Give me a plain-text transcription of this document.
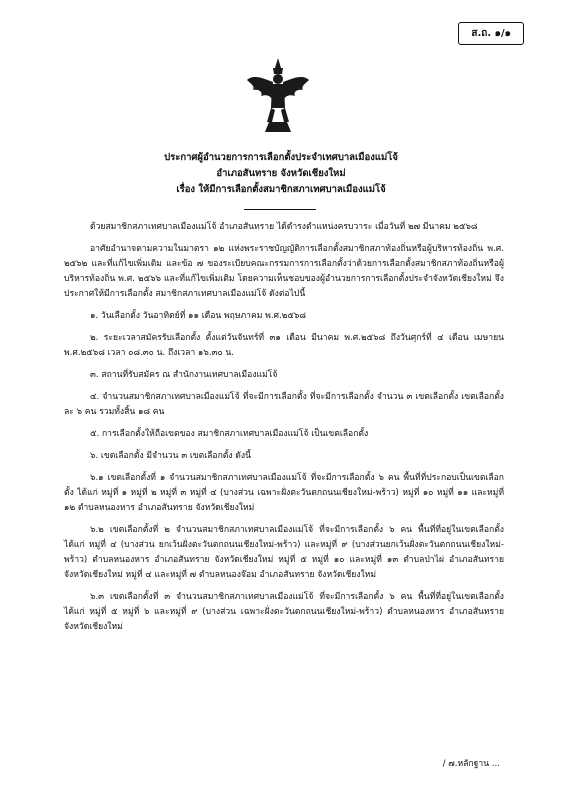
ส.ถ. ๑/๑
ประกาศผู้อำนวยการการเลือกตั้งประจำเทศบาลเมืองแม่โจ้
อำเภอสันทราย จังหวัดเชียงใหม่
เรื่อง ให้มีการเลือกตั้งสมาชิกสภาเทศบาลเมืองแม่โจ้

ด้วยสมาชิกสภาเทศบาลเมืองแม่โจ้ อำเภอสันทราย ได้ดำรงตำแหน่งครบวาระ เมื่อวันที่ ๒๗ มีนาคม ๒๕๖๘

อาศัยอำนาจตามความในมาตรา ๑๒ แห่งพระราชบัญญัติการเลือกตั้งสมาชิกสภาท้องถิ่นหรือผู้บริหารท้องถิ่น พ.ศ. ๒๕๖๒ และที่แก้ไขเพิ่มเติม และข้อ ๗ ของระเบียบคณะกรรมการการเลือกตั้งว่าด้วยการเลือกตั้งสมาชิกสภาท้องถิ่นหรือผู้บริหารท้องถิ่น พ.ศ. ๒๕๖๖ และที่แก้ไขเพิ่มเติม โดยความเห็นชอบของผู้อำนวยการการเลือกตั้งประจำจังหวัดเชียงใหม่ จึงประกาศให้มีการเลือกตั้ง สมาชิกสภาเทศบาลเมืองแม่โจ้ ดังต่อไปนี้

๑. วันเลือกตั้ง วันอาทิตย์ที่ ๑๑ เดือน พฤษภาคม พ.ศ.๒๕๖๘

๒. ระยะเวลาสมัครรับเลือกตั้ง ตั้งแต่วันจันทร์ที่ ๓๑ เดือน มีนาคม พ.ศ.๒๕๖๘ ถึงวันศุกร์ที่ ๔ เดือน เมษายน พ.ศ.๒๕๖๘ เวลา ๐๘.๓๐ น. ถึงเวลา ๑๖.๓๐ น.

๓. สถานที่รับสมัคร ณ สำนักงานเทศบาลเมืองแม่โจ้

๔. จำนวนสมาชิกสภาเทศบาลเมืองแม่โจ้ ที่จะมีการเลือกตั้ง ที่จะมีการเลือกตั้ง จำนวน ๓ เขตเลือกตั้ง เขตเลือกตั้งละ ๖ คน รวมทั้งสิ้น ๑๘ คน

๕. การเลือกตั้งให้ถือเขตของ สมาชิกสภาเทศบาลเมืองแม่โจ้ เป็นเขตเลือกตั้ง

๖. เขตเลือกตั้ง มีจำนวน ๓ เขตเลือกตั้ง ดังนี้

๖.๑ เขตเลือกตั้งที่ ๑ จำนวนสมาชิกสภาเทศบาลเมืองแม่โจ้ ที่จะมีการเลือกตั้ง ๖ คน พื้นที่ที่ประกอบเป็นเขตเลือกตั้ง ได้แก่ หมู่ที่ ๑ หมู่ที่ ๒ หมู่ที่ ๓ หมู่ที่ ๔ (บางส่วน เฉพาะฝั่งตะวันตกถนนเชียงใหม่-พร้าว) หมู่ที่ ๑๐ หมู่ที่ ๑๑ และหมู่ที่ ๑๒ ตำบลหนองหาร อำเภอสันทราย จังหวัดเชียงใหม่

๖.๒ เขตเลือกตั้งที่ ๒ จำนวนสมาชิกสภาเทศบาลเมืองแม่โจ้ ที่จะมีการเลือกตั้ง ๖ คน พื้นที่ที่อยู่ในเขตเลือกตั้ง ได้แก่ หมู่ที่ ๔ (บางส่วน ยกเว้นฝั่งตะวันตกถนนเชียงใหม่-พร้าว) และหมู่ที่ ๙ (บางส่วนยกเว้นฝั่งตะวันตกถนนเชียงใหม่-พร้าว) ตำบลหนองหาร อำเภอสันทราย จังหวัดเชียงใหม่ หมู่ที่ ๕ หมู่ที่ ๑๐ และหมู่ที่ ๑๓ ตำบลป่าไผ่ อำเภอสันทราย จังหวัดเชียงใหม่ หมู่ที่ ๔ และหมู่ที่ ๗ ตำบลหนองจ๊อม อำเภอสันทราย จังหวัดเชียงใหม่

๖.๓ เขตเลือกตั้งที่ ๓ จำนวนสมาชิกสภาเทศบาลเมืองแม่โจ้ ที่จะมีการเลือกตั้ง ๖ คน พื้นที่ที่อยู่ในเขตเลือกตั้ง ได้แก่ หมู่ที่ ๕ หมู่ที่ ๖ และหมู่ที่ ๙ (บางส่วน เฉพาะฝั่งตะวันตกถนนเชียงใหม่-พร้าว) ตำบลหนองหาร อำเภอสันทราย จังหวัดเชียงใหม่

/ ๗.หลักฐาน ...
